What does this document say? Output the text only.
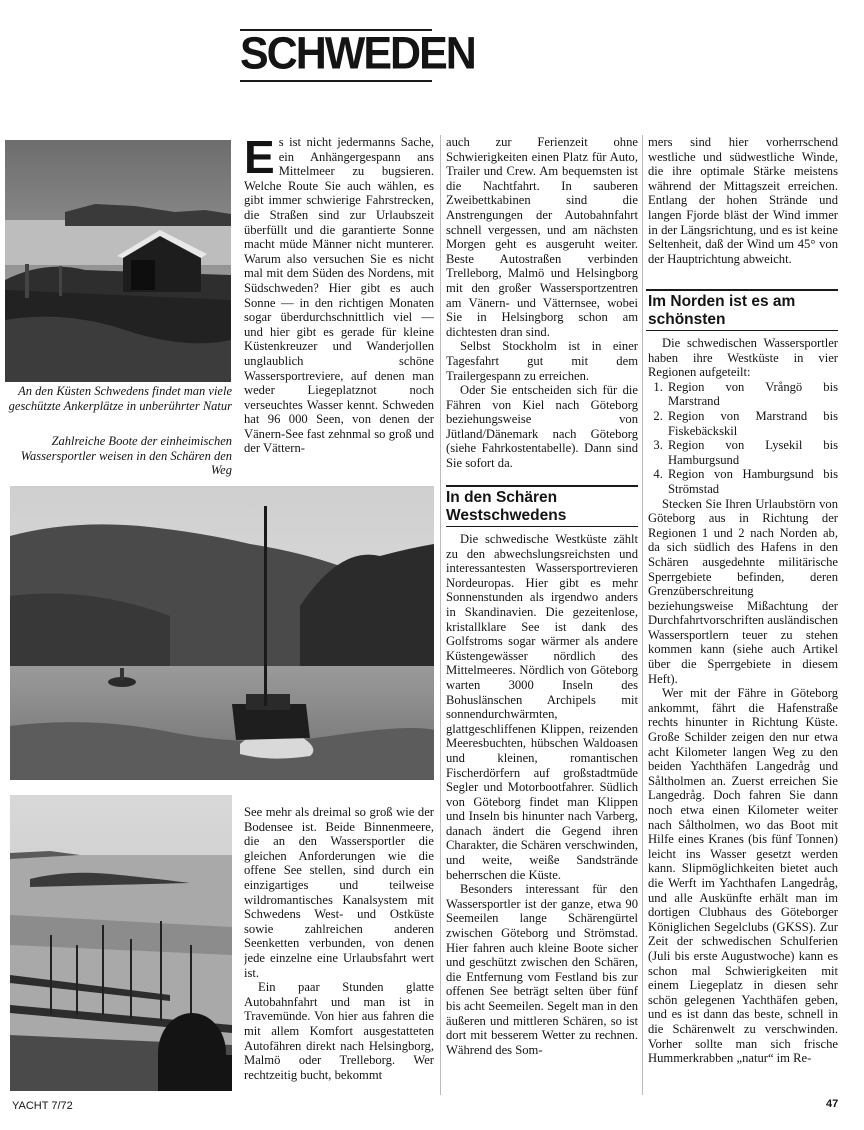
SCHWEDEN
An den Küsten Schwedens findet man viele geschützte Ankerplätze in unberührter Natur
Zahlreiche Boote der einheimischen Wassersportler weisen in den Schären den Weg

Es ist nicht jedermanns Sache, ein Anhängergespann ans Mittelmeer zu bugsieren. Welche Route Sie auch wählen, es gibt immer schwierige Fahrstrecken, die Straßen sind zur Urlaubszeit überfüllt und die garantierte Sonne macht müde Männer nicht munterer. Warum also versuchen Sie es nicht mal mit dem Süden des Nordens, mit Südschweden? Hier gibt es auch Sonne — in den richtigen Monaten sogar überdurchschnittlich viel — und hier gibt es gerade für kleine Küstenkreuzer und Wanderjollen unglaublich schöne Wassersportreviere, auf denen man weder Liegeplatznot noch verseuchtes Wasser kennt. Schweden hat 96 000 Seen, von denen der Vänern-See fast zehnmal so groß und der Vättern-

See mehr als dreimal so groß wie der Bodensee ist. Beide Binnenmeere, die an den Wassersportler die gleichen Anforderungen wie die offene See stellen, sind durch ein einzigartiges und teilweise wildromantisches Kanalsystem mit Schwedens West- und Ostküste sowie zahlreichen anderen Seenketten verbunden, von denen jede einzelne eine Urlaubsfahrt wert ist.

Ein paar Stunden glatte Autobahnfahrt und man ist in Travemünde. Von hier aus fahren die mit allem Komfort ausgestatteten Autofähren direkt nach Helsingborg, Malmö oder Trelleborg. Wer rechtzeitig bucht, bekommt

auch zur Ferienzeit ohne Schwierigkeiten einen Platz für Auto, Trailer und Crew. Am bequemsten ist die Nachtfahrt. In sauberen Zweibettkabinen sind die Anstrengungen der Autobahnfahrt schnell vergessen, und am nächsten Morgen geht es ausgeruht weiter. Beste Autostraßen verbinden Trelleborg, Malmö und Helsingborg mit den großer Wassersportzentren am Vänern- und Vätternsee, wobei Sie in Helsingborg schon am dichtesten dran sind.

Selbst Stockholm ist in einer Tagesfahrt gut mit dem Trailergespann zu erreichen.

Oder Sie entscheiden sich für die Fähren von Kiel nach Göteborg beziehungsweise von Jütland/Dänemark nach Göteborg (siehe Fahrkostentabelle). Dann sind Sie sofort da.

In den Schären Westschwedens

Die schwedische Westküste zählt zu den abwechslungsreichsten und interessantesten Wassersportrevieren Nordeuropas. Hier gibt es mehr Sonnenstunden als irgendwo anders in Skandinavien. Die gezeitenlose, kristallklare See ist dank des Golfstroms sogar wärmer als andere Küstengewässer nördlich des Mittelmeeres. Nördlich von Göteborg warten 3000 Inseln des Bohuslänschen Archipels mit sonnendurchwärmten, glattgeschliffenen Klippen, reizenden Meeresbuchten, hübschen Waldoasen und kleinen, romantischen Fischerdörfern auf großstadtmüde Segler und Motorbootfahrer. Südlich von Göteborg findet man Klippen und Inseln bis hinunter nach Varberg, danach ändert die Gegend ihren Charakter, die Schären verschwinden, und weite, weiße Sandstrände beherrschen die Küste.

Besonders interessant für den Wassersportler ist der ganze, etwa 90 Seemeilen lange Schärengürtel zwischen Göteborg und Strömstad. Hier fahren auch kleine Boote sicher und geschützt zwischen den Schären, die Entfernung vom Festland bis zur offenen See beträgt selten über fünf bis acht Seemeilen. Segelt man in den äußeren und mittleren Schären, so ist dort mit besserem Wetter zu rechnen. Während des Som-

mers sind hier vorherrschend westliche und südwestliche Winde, die ihre optimale Stärke meistens während der Mittagszeit erreichen. Entlang der hohen Strände und langen Fjorde bläst der Wind immer in der Längsrichtung, und es ist keine Seltenheit, daß der Wind um 45° von der Hauptrichtung abweicht.

Im Norden ist es am schönsten

Die schwedischen Wassersportler haben ihre Westküste in vier Regionen aufgeteilt:

1. Region von Vrångö bis Marstrand
2. Region von Marstrand bis Fiskebäckskil
3. Region von Lysekil bis Hamburgsund
4. Region von Hamburgsund bis Strömstad

Stecken Sie Ihren Urlaubstörn von Göteborg aus in Richtung der Regionen 1 und 2 nach Norden ab, da sich südlich des Hafens in den Schären ausgedehnte militärische Sperrgebiete befinden, deren Grenzüberschreitung beziehungsweise Mißachtung der Durchfahrtvorschriften ausländischen Wassersportlern teuer zu stehen kommen kann (siehe auch Artikel über die Sperrgebiete in diesem Heft).

Wer mit der Fähre in Göteborg ankommt, fährt die Hafenstraße rechts hinunter in Richtung Küste. Große Schilder zeigen den nur etwa acht Kilometer langen Weg zu den beiden Yachthäfen Langedråg und Såltholmen an. Zuerst erreichen Sie Langedråg. Doch fahren Sie dann noch etwa einen Kilometer weiter nach Såltholmen, wo das Boot mit Hilfe eines Kranes (bis fünf Tonnen) leicht ins Wasser gesetzt werden kann. Slipmöglichkeiten bietet auch die Werft im Yachthafen Langedråg, und alle Auskünfte erhält man im dortigen Clubhaus des Göteborger Königlichen Segelclubs (GKSS). Zur Zeit der schwedischen Schulferien (Juli bis erste Augustwoche) kann es schon mal Schwierigkeiten mit einem Liegeplatz in diesen sehr schön gelegenen Yachthäfen geben, und es ist dann das beste, schnell in die Schärenwelt zu verschwinden. Vorher sollte man sich frische Hummerkrabben „natur“ im Re-

YACHT 7/72	47
